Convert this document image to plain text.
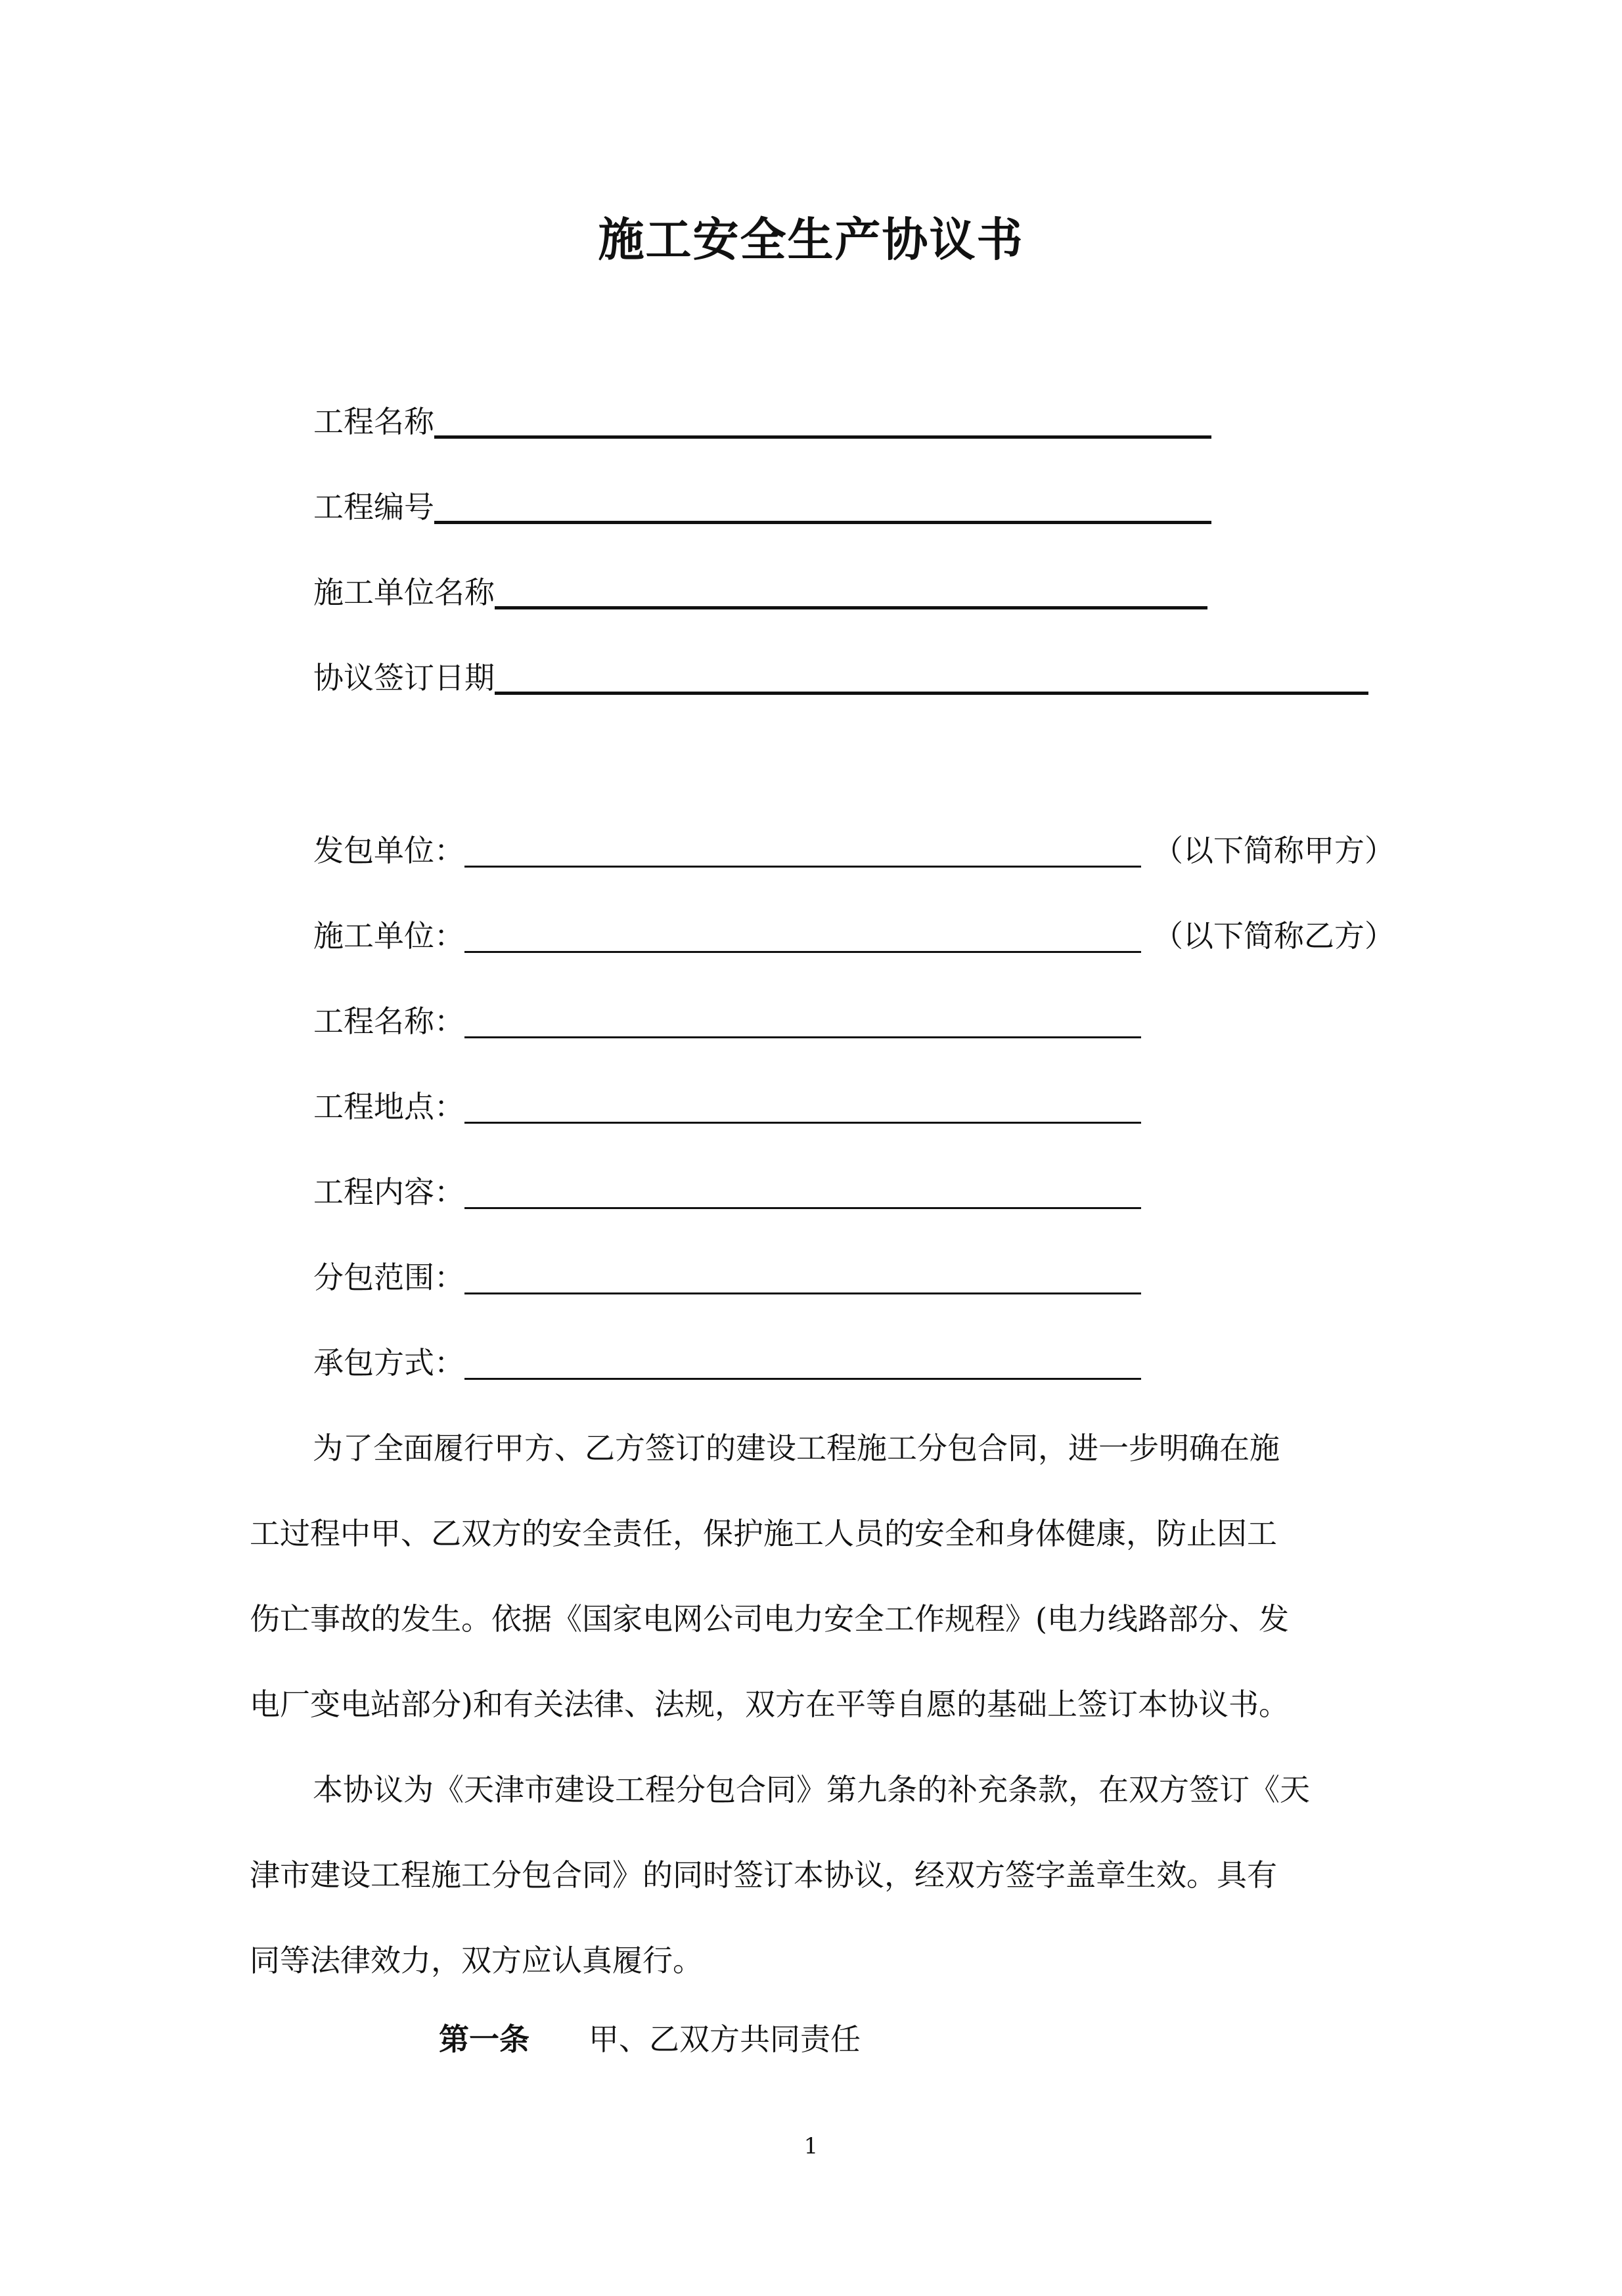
施工安全生产协议书
工程名称
工程编号
施工单位名称
协议签订日期
发包单位：	（以下简称甲方）
施工单位：	（以下简称乙方）
工程名称：
工程地点：
工程内容：
分包范围：
承包方式：
为了全面履行甲方、乙方签订的建设工程施工分包合同，进一步明确在施
工过程中甲、乙双方的安全责任，保护施工人员的安全和身体健康，防止因工
伤亡事故的发生。依据《国家电网公司电力安全工作规程》(电力线路部分、发
电厂变电站部分)和有关法律、法规，双方在平等自愿的基础上签订本协议书。
本协议为《天津市建设工程分包合同》第九条的补充条款，在双方签订《天
津市建设工程施工分包合同》的同时签订本协议，经双方签字盖章生效。具有
同等法律效力，双方应认真履行。
第一条 甲、乙双方共同责任
1
